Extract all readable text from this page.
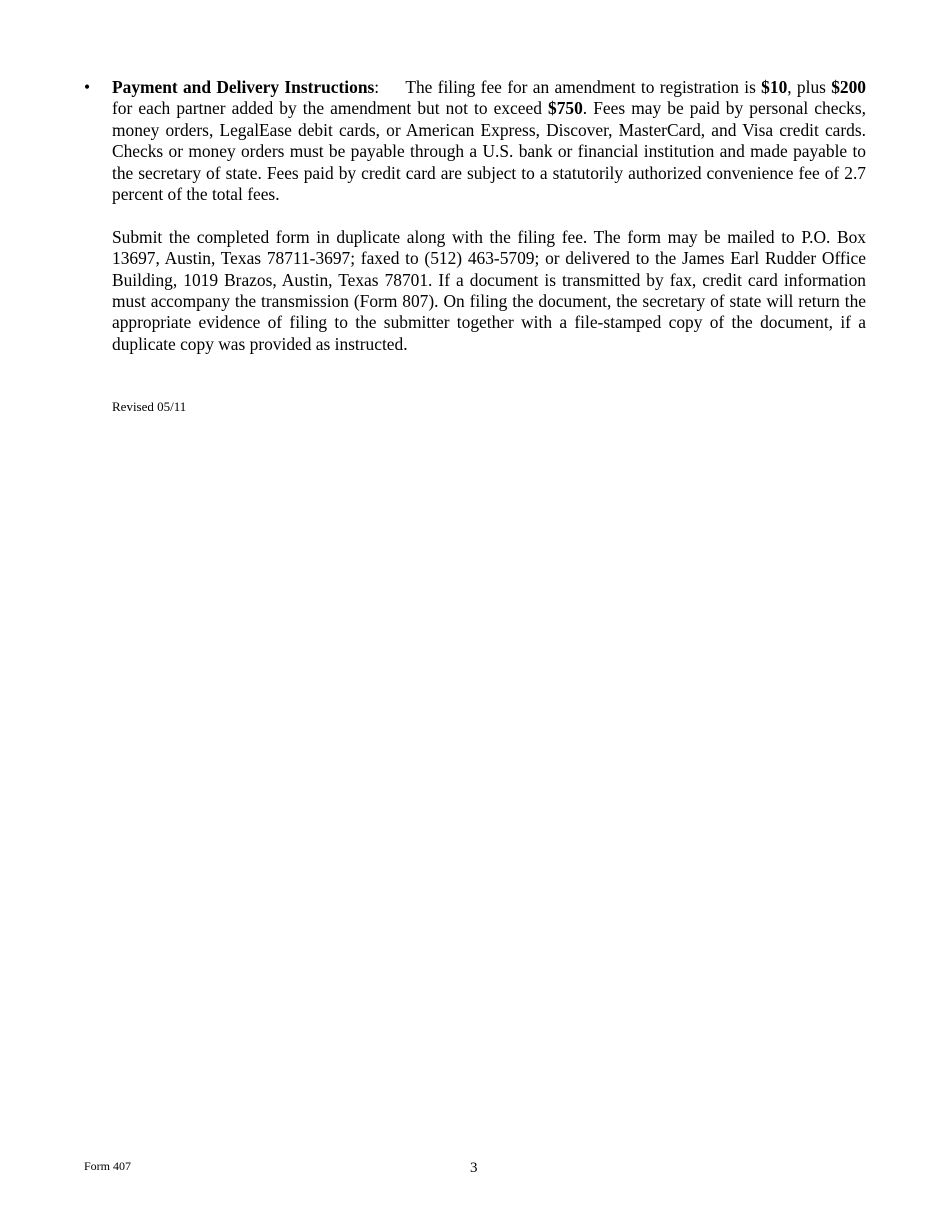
• Payment and Delivery Instructions: The filing fee for an amendment to registration is $10, plus $200 for each partner added by the amendment but not to exceed $750. Fees may be paid by personal checks, money orders, LegalEase debit cards, or American Express, Discover, MasterCard, and Visa credit cards. Checks or money orders must be payable through a U.S. bank or financial institution and made payable to the secretary of state. Fees paid by credit card are subject to a statutorily authorized convenience fee of 2.7 percent of the total fees.

Submit the completed form in duplicate along with the filing fee. The form may be mailed to P.O. Box 13697, Austin, Texas 78711-3697; faxed to (512) 463-5709; or delivered to the James Earl Rudder Office Building, 1019 Brazos, Austin, Texas 78701. If a document is transmitted by fax, credit card information must accompany the transmission (Form 807). On filing the document, the secretary of state will return the appropriate evidence of filing to the submitter together with a file-stamped copy of the document, if a duplicate copy was provided as instructed.

Revised 05/11
Form 407	3
